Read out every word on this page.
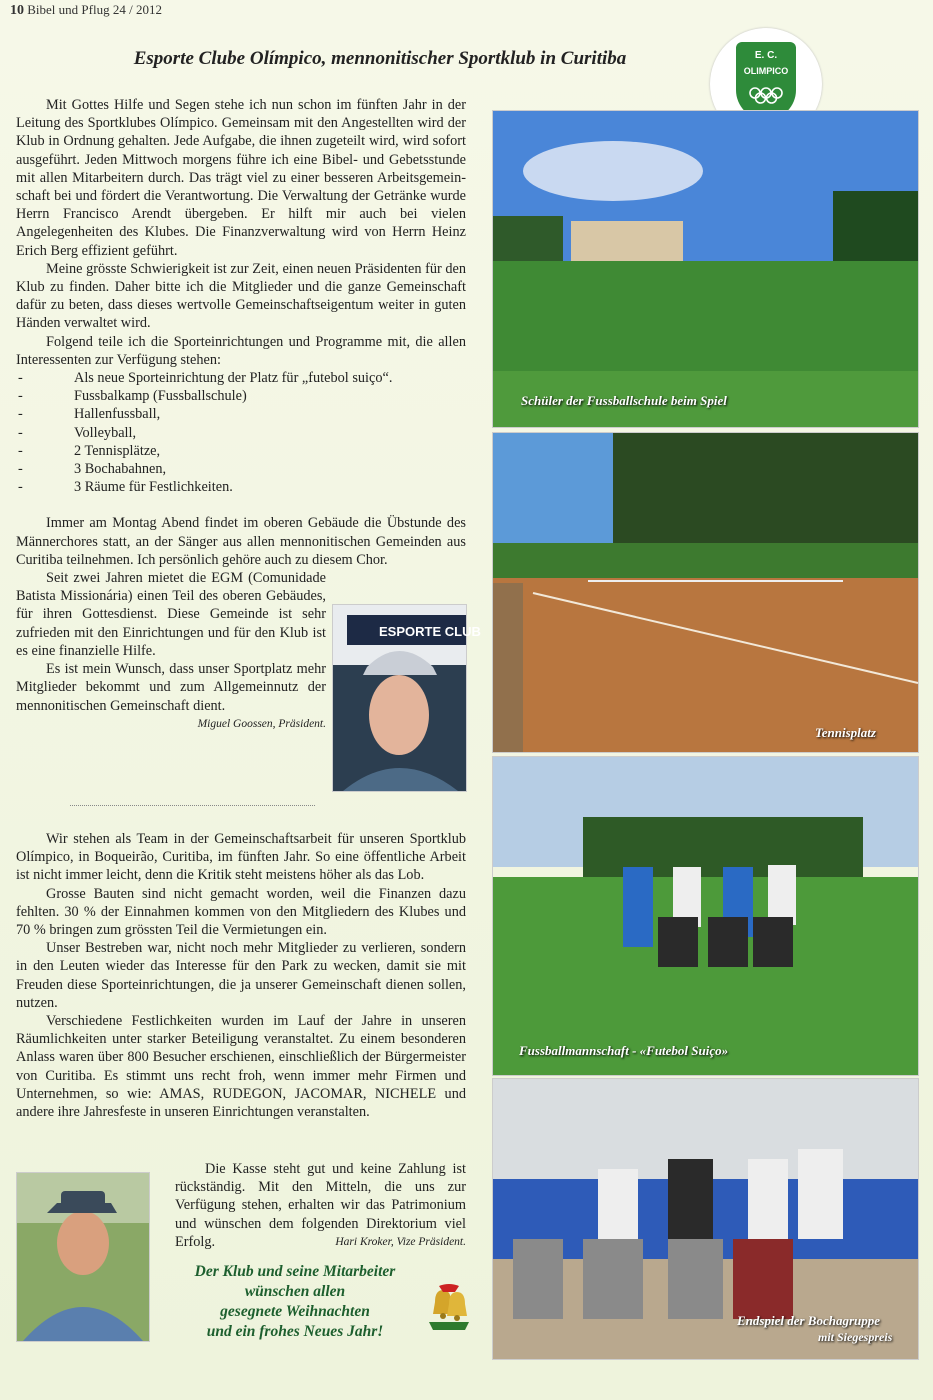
10 Bibel und Pflug 24 / 2012
Esporte Clube Olímpico, mennonitischer Sportklub in Curitiba	E. C.
OLIMPICO

Mit Gottes Hilfe und Segen stehe ich nun schon im fünften Jahr in der Leitung des Sportklubes Olímpico. Gemeinsam mit den Angestellten wird der Klub in Ordnung gehalten. Jede Aufgabe, die ihnen zugeteilt wird, wird sofort ausgeführt. Jeden Mittwoch morgens führe ich eine Bibel- und Gebetsstunde mit allen Mitarbeitern durch. Das trägt viel zu einer besseren Arbeitsgemein-schaft bei und fördert die Verantwortung. Die Verwaltung der Getränke wurde Herrn Francisco Arendt übergeben. Er hilft mir auch bei vielen Angelegenheiten des Klubes. Die Finanzverwaltung wird von Herrn Heinz Erich Berg effizient geführt.

Meine grösste Schwierigkeit ist zur Zeit, einen neuen Präsidenten für den Klub zu finden. Daher bitte ich die Mitglieder und die ganze Gemeinschaft dafür zu beten, dass dieses wertvolle Gemeinschaftseigentum weiter in guten Händen verwaltet wird.

Folgend teile ich die Sporteinrichtungen und Programme mit, die allen Interessenten zur Verfügung stehen:

- Als neue Sporteinrichtung der Platz für „futebol suiço“.
- Fussbalkamp (Fussballschule)
- Hallenfussball,
- Volleyball,
- 2 Tennisplätze,
- 3 Bochabahnen,
- 3 Räume für Festlichkeiten.

Immer am Montag Abend findet im oberen Gebäude die Übstunde des Männerchores statt, an der Sänger aus allen mennonitischen Gemeinden aus Curitiba teilnehmen. Ich persönlich gehöre auch zu diesem Chor.

Seit zwei Jahren mietet die EGM (Comunidade Batista Missionária) einen Teil des oberen Gebäudes, für ihren Gottesdienst. Diese Gemeinde ist sehr zufrieden mit den Einrichtungen und für den Klub ist es eine finanzielle Hilfe.

Es ist mein Wunsch, dass unser Sportplatz mehr Mitglieder bekommt und zum Allgemeinnutz der mennonitischen Gemeinschaft dient.
Miguel Goossen, Präsident.

ESPORTE CLUB

Wir stehen als Team in der Gemeinschaftsarbeit für unseren Sportklub Olímpico, in Boqueirão, Curitiba, im fünften Jahr. So eine öffentliche Arbeit ist nicht immer leicht, denn die Kritik steht meistens höher als das Lob.

Grosse Bauten sind nicht gemacht worden, weil die Finanzen dazu fehlten. 30 % der Einnahmen kommen von den Mitgliedern des Klubes und 70 % bringen zum grössten Teil die Vermietungen ein.

Unser Bestreben war, nicht noch mehr Mitglieder zu verlieren, sondern in den Leuten wieder das Interesse für den Park zu wecken, damit sie mit Freuden diese Sporteinrichtungen, die ja unserer Gemeinschaft dienen sollen, nutzen.

Verschiedene Festlichkeiten wurden im Lauf der Jahre in unseren Räumlichkeiten unter starker Beteiligung veranstaltet. Zu einem besonderen Anlass waren über 800 Besucher erschienen, einschließlich der Bürgermeister von Curitiba. Es stimmt uns recht froh, wenn immer mehr Firmen und Unternehmen, so wie: AMAS, RUDEGON, JACOMAR, NICHELE und andere ihre Jahresfeste in unseren Einrichtungen veranstalten.

Die Kasse steht gut und keine Zahlung ist rückständig. Mit den Mitteln, die uns zur Verfügung stehen, erhalten wir das Patrimonium und wünschen dem folgenden Direktorium viel Erfolg.	Hari Kroker, Vize Präsident.

Schüler der Fussballschule beim Spiel
Tennisplatz
Fussballmannschaft - «Futebol Suiço»
Endspiel der Bochagruppe
mit Siegespreis
Der Klub und seine Mitarbeiter
wünschen allen
gesegnete Weihnachten
und ein frohes Neues Jahr!
